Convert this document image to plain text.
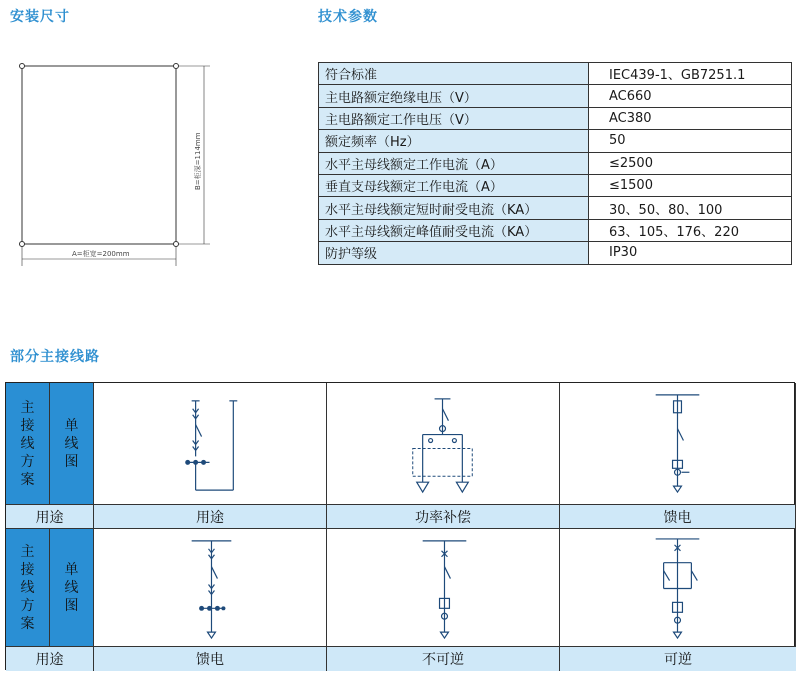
安装尺寸	技术参数
部分主接线路
A=柜宽=200mm
B=柜深=114mm
符合标准	IEC439-1、GB7251.1
主电路额定绝缘电压（V）	AC660
主电路额定工作电压（V）	AC380
额定频率（Hz）	50
水平主母线额定工作电流（A）	≤2500
垂直支母线额定工作电流（A）	≤1500
水平主母线额定短时耐受电流（KA）	30、50、80、100
水平主母线额定峰值耐受电流（KA）	63、105、176、220
防护等级	IP30
主接线方案
单线图
用途	用途	功率补偿	馈电
主接线方案
单线图
用途	馈电	不可逆	可逆
